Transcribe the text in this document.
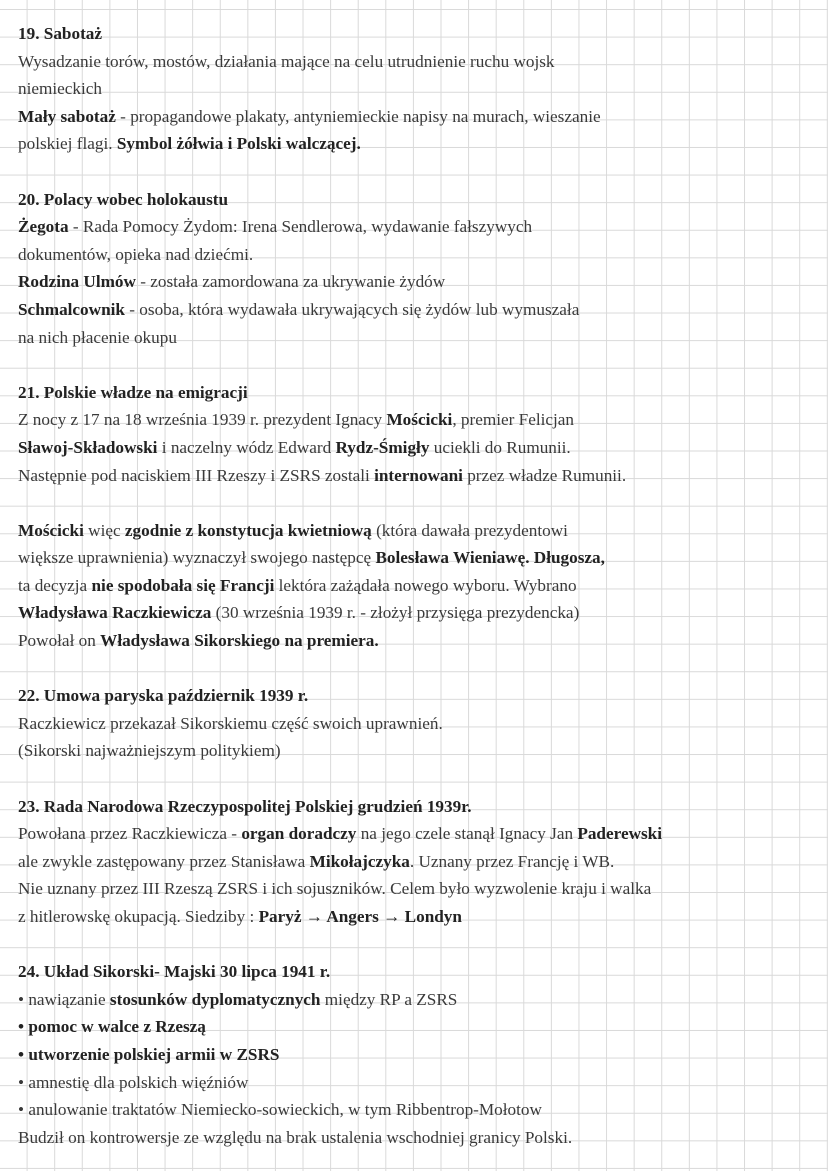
19. Sabotaż
Wysadzanie torów, mostów, działania mające na celu utrudnienie ruchu wojsk
niemieckich
Mały sabotaż - propagandowe plakaty, antyniemieckie napisy na murach, wieszanie
polskiej flagi. Symbol żółwia i Polski walczącej.
20. Polacy wobec holokaustu
Żegota - Rada Pomocy Żydom: Irena Sendlerowa, wydawanie fałszywych
dokumentów, opieka nad dziećmi.
Rodzina Ulmów - została zamordowana za ukrywanie żydów
Schmalcownik - osoba, która wydawała ukrywających się żydów lub wymuszała
na nich płacenie okupu
21. Polskie władze na emigracji
Z nocy z 17 na 18 września 1939 r. prezydent Ignacy Mościcki, premier Felicjan
Sławoj-Składowski i naczelny wódz Edward Rydz-Śmigły uciekli do Rumunii.
Następnie pod naciskiem III Rzeszy i ZSRS zostali internowani przez władze Rumunii.
Mościcki więc zgodnie z konstytucja kwietniową (która dawała prezydentowi
większe uprawnienia) wyznaczył swojego następcę Bolesława Wieniawę. Długosza,
ta decyzja nie spodobała się Francji lektóra zażądała nowego wyboru. Wybrano
Władysława Raczkiewicza (30 września 1939 r. - złożył przysięga prezydencka)
Powołał on Władysława Sikorskiego na premiera.
22. Umowa paryska październik 1939 r.
Raczkiewicz przekazał Sikorskiemu część swoich uprawnień.
(Sikorski najważniejszym politykiem)
23. Rada Narodowa Rzeczypospolitej Polskiej grudzień 1939r.
Powołana przez Raczkiewicza - organ doradczy na jego czele stanął Ignacy Jan Paderewski
ale zwykle zastępowany przez Stanisława Mikołajczyka. Uznany przez Francję i WB.
Nie uznany przez III Rzeszą ZSRS i ich sojuszników. Celem było wyzwolenie kraju i walka
z hitlerowskę okupacją. Siedziby : Paryż → Angers → Londyn
24. Układ Sikorski- Majski 30 lipca 1941 r.
• nawiązanie stosunków dyplomatycznych między RP a ZSRS
• pomoc w walce z Rzeszą
• utworzenie polskiej armii w ZSRS
• amnestię dla polskich więźniów
• anulowanie traktatów Niemiecko-sowieckich, w tym Ribbentrop-Mołotow
Budził on kontrowersje ze względu na brak ustalenia wschodniej granicy Polski.
